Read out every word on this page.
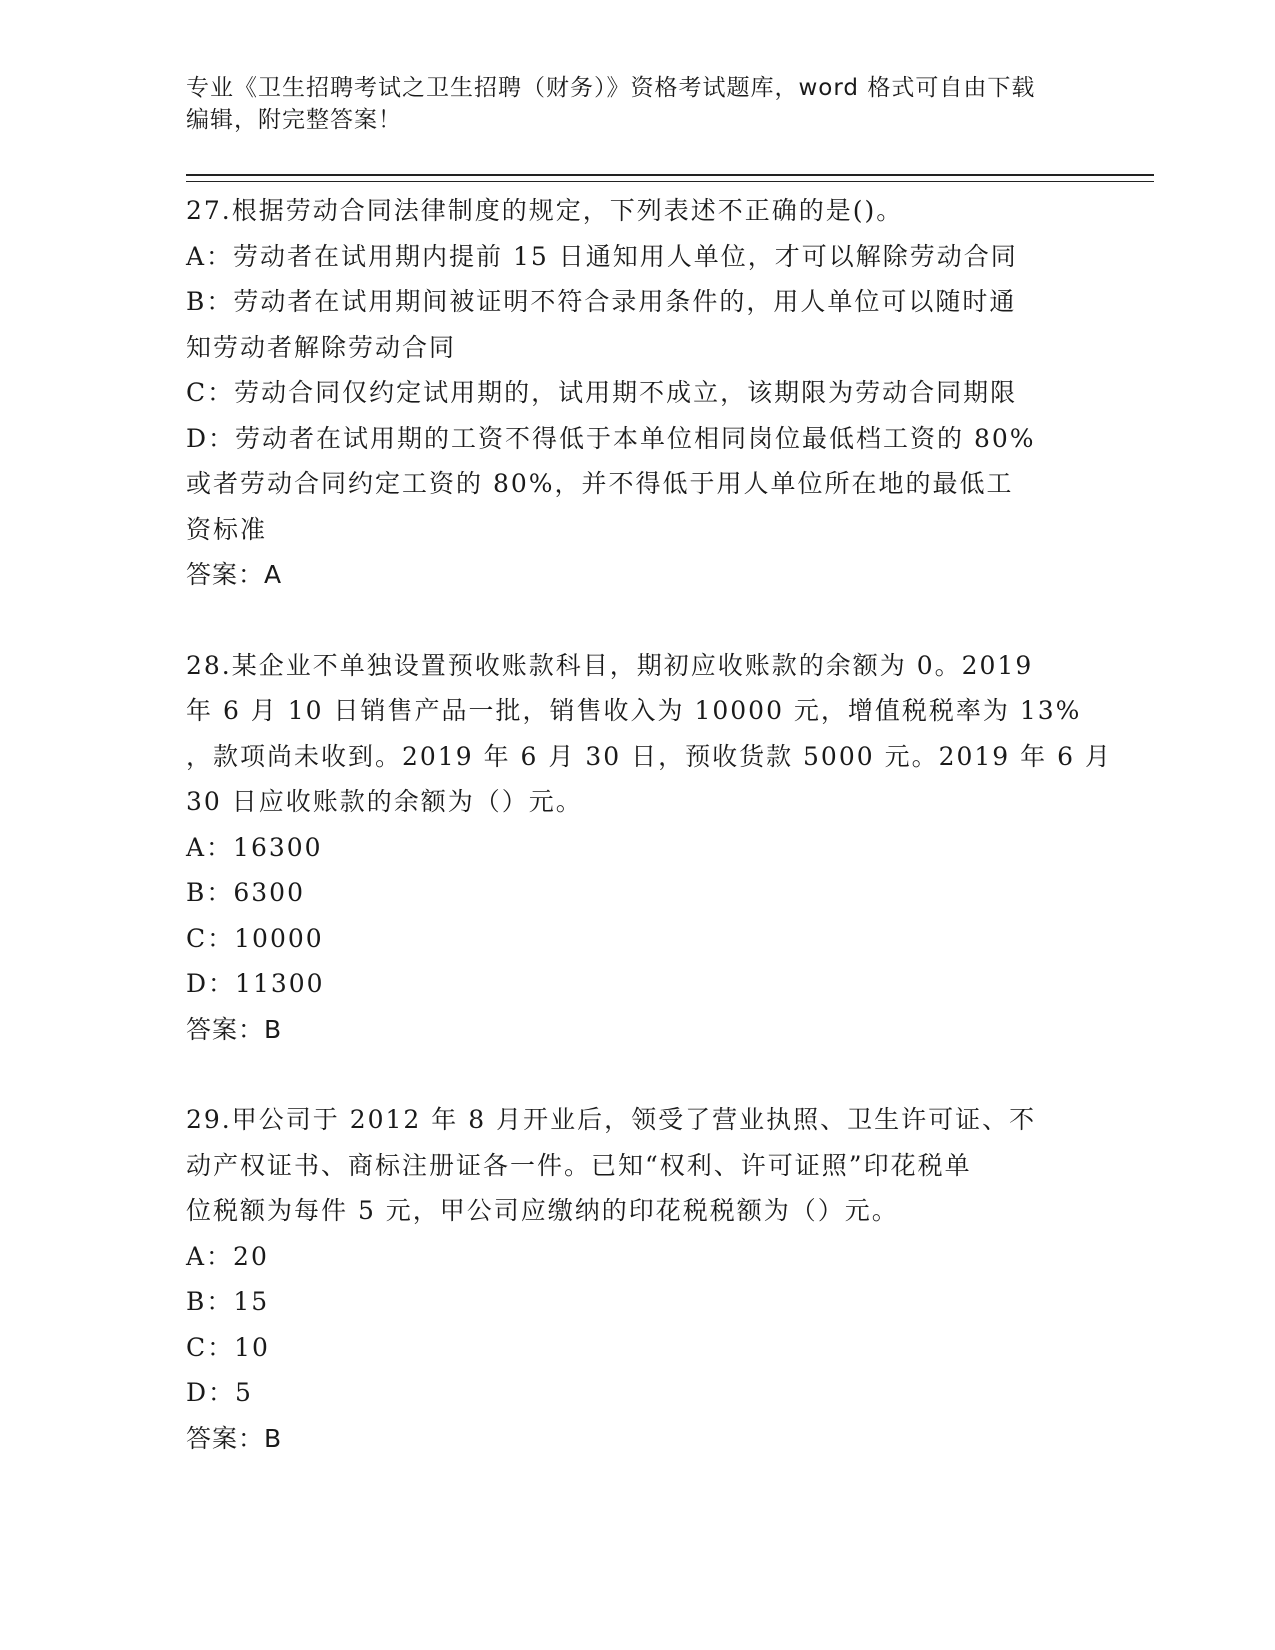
专业《卫生招聘考试之卫生招聘（财务）》资格考试题库，word 格式可自由下载
编辑，附完整答案！
27.根据劳动合同法律制度的规定，下列表述不正确的是()。
A：劳动者在试用期内提前 15 日通知用人单位，才可以解除劳动合同
B：劳动者在试用期间被证明不符合录用条件的，用人单位可以随时通
知劳动者解除劳动合同
C：劳动合同仅约定试用期的，试用期不成立，该期限为劳动合同期限
D：劳动者在试用期的工资不得低于本单位相同岗位最低档工资的 80%
或者劳动合同约定工资的 80%，并不得低于用人单位所在地的最低工
资标准
答案：A
28.某企业不单独设置预收账款科目，期初应收账款的余额为 0。2019
年 6 月 10 日销售产品一批，销售收入为 10000 元，增值税税率为 13%
，款项尚未收到。2019 年 6 月 30 日，预收货款 5000 元。2019 年 6 月
30 日应收账款的余额为（）元。
A：16300
B：6300
C：10000
D：11300
答案：B
29.甲公司于 2012 年 8 月开业后，领受了营业执照、卫生许可证、不
动产权证书、商标注册证各一件。已知“权利、许可证照”印花税单
位税额为每件 5 元，甲公司应缴纳的印花税税额为（）元。
A：20
B：15
C：10
D：5
答案：B
